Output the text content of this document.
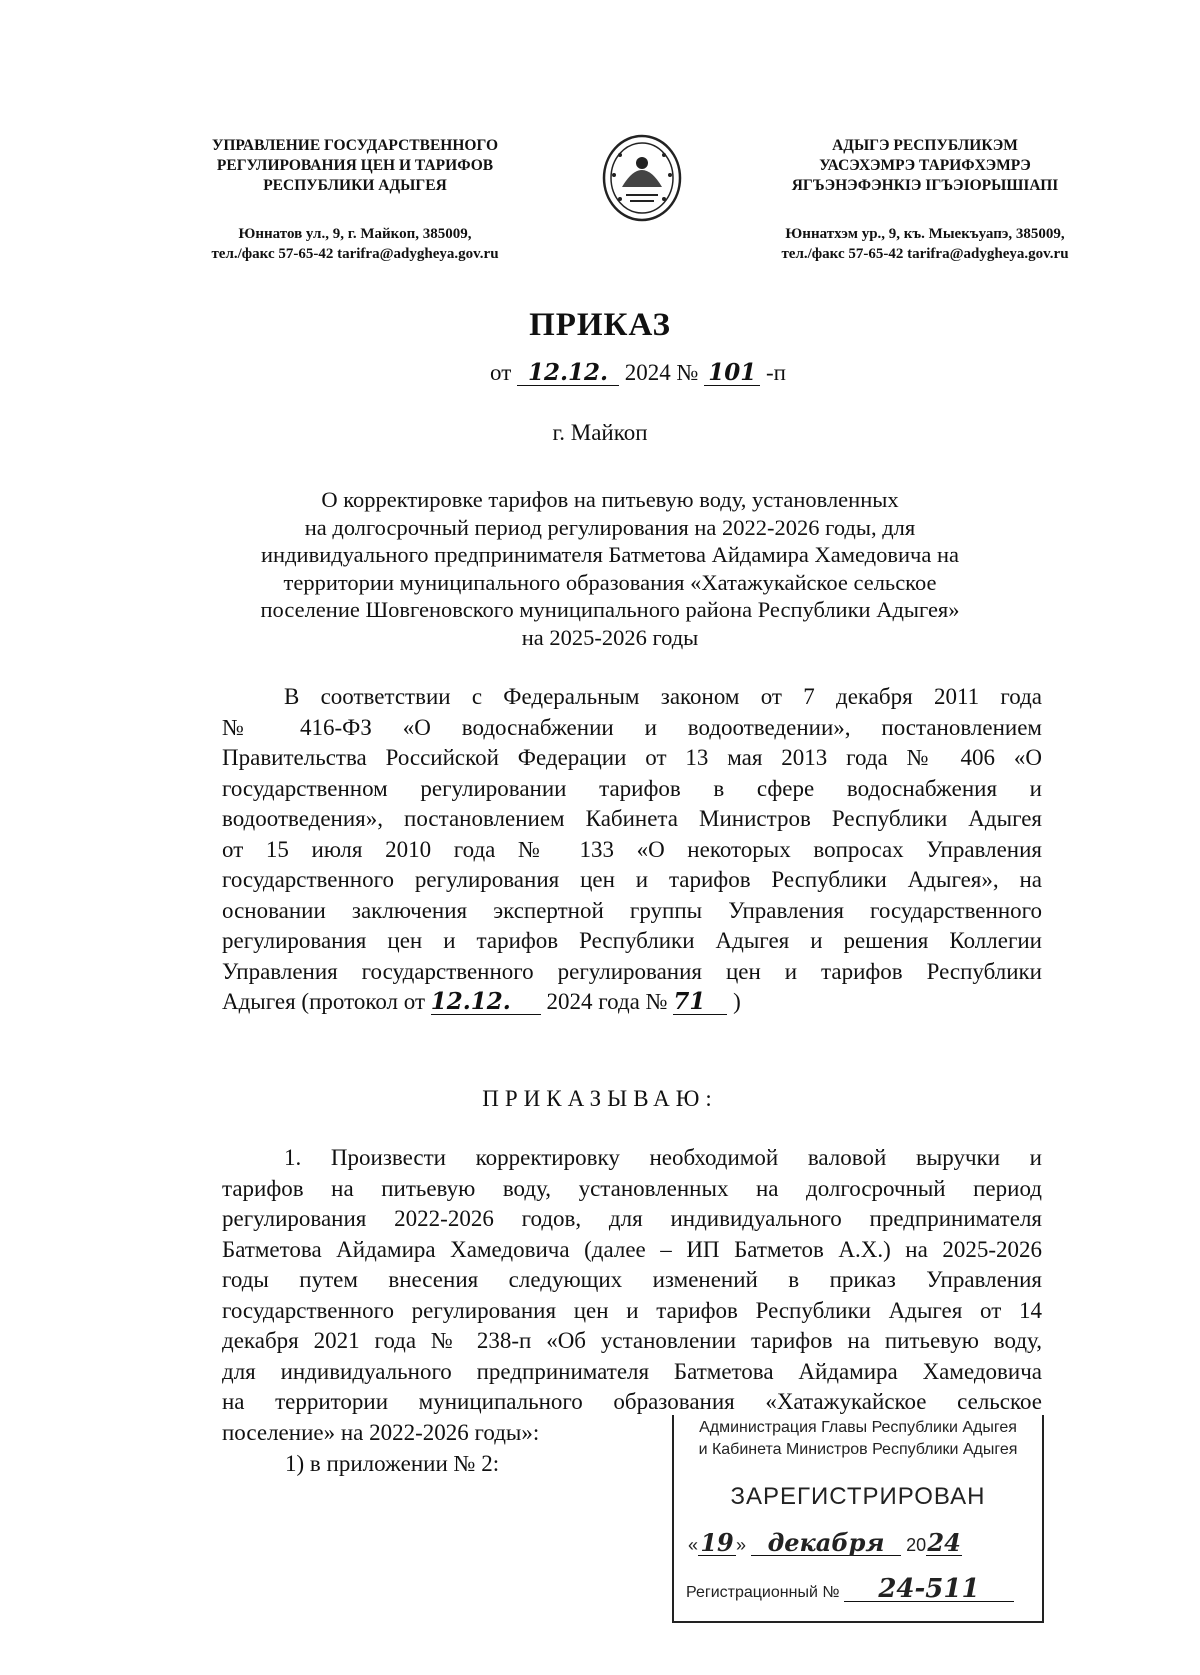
УПРАВЛЕНИЕ ГОСУДАРСТВЕННОГО
РЕГУЛИРОВАНИЯ ЦЕН И ТАРИФОВ
РЕСПУБЛИКИ АДЫГЕЯ
Юннатов ул., 9, г. Майкоп, 385009,
тел./факс 57-65-42 tarifra@adygheya.gov.ru
АДЫГЭ РЕСПУБЛИКЭМ
УАСЭХЭМРЭ ТАРИФХЭМРЭ
ЯГЪЭНЭФЭНКIЭ IГЪЭIОРЫШIАПI
Юннатхэм ур., 9, къ. Мыекъуапэ, 385009,
тел./факс 57-65-42 tarifra@adygheya.gov.ru
ПРИКАЗ
от 12.12. 2024 № 101 -п
г. Майкоп
О корректировке тарифов на питьевую воду, установленных
на долгосрочный период регулирования на 2022-2026 годы, для
индивидуального предпринимателя Батметова Айдамира Хамедовича на
территории муниципального образования «Хатажукайское сельское
поселение Шовгеновского муниципального района Республики Адыгея»
на 2025-2026 годы
В соответствии с Федеральным законом от 7 декабря 2011 года
№ 416-ФЗ «О водоснабжении и водоотведении», постановлением
Правительства Российской Федерации от 13 мая 2013 года № 406 «О
государственном регулировании тарифов в сфере водоснабжения и
водоотведения», постановлением Кабинета Министров Республики Адыгея
от 15 июля 2010 года № 133 «О некоторых вопросах Управления
государственного регулирования цен и тарифов Республики Адыгея», на
основании заключения экспертной группы Управления государственного
регулирования цен и тарифов Республики Адыгея и решения Коллегии
Управления государственного регулирования цен и тарифов Республики
Адыгея (протокол от 12.12. 2024 года № 71 )
ПРИКАЗЫВАЮ:
1. Произвести корректировку необходимой валовой выручки и
тарифов на питьевую воду, установленных на долгосрочный период
регулирования 2022-2026 годов, для индивидуального предпринимателя
Батметова Айдамира Хамедовича (далее – ИП Батметов А.Х.) на 2025-2026
годы путем внесения следующих изменений в приказ Управления
государственного регулирования цен и тарифов Республики Адыгея от 14
декабря 2021 года № 238-п «Об установлении тарифов на питьевую воду,
для индивидуального предпринимателя Батметова Айдамира Хамедовича
на территории муниципального образования «Хатажукайское сельское
поселение» на 2022-2026 годы»:
1) в приложении № 2:
Администрация Главы Республики Адыгея
и Кабинета Министров Республики Адыгея
ЗАРЕГИСТРИРОВАН
«19 » декабря 2024
Регистрационный № 24-511
